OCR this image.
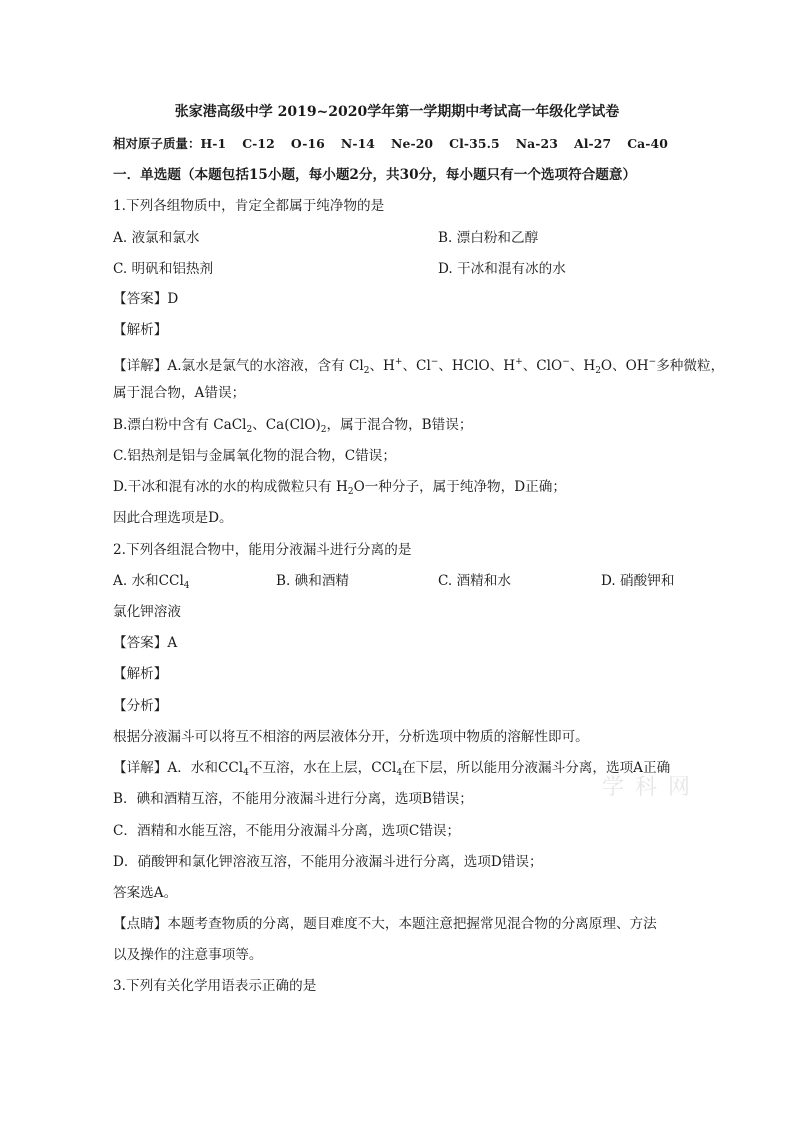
张家港高级中学 2019~2020学年第一学期期中考试高一年级化学试卷
相对原子质量：H-1 C-12 O-16 N-14 Ne-20 Cl-35.5 Na-23 Al-27 Ca-40
一．单选题（本题包括15小题，每小题2分，共30分，每小题只有一个选项符合题意）
1.下列各组物质中，肯定全都属于纯净物的是
A. 液氯和氯水	B. 漂白粉和乙醇
C. 明矾和铝热剂	D. 干冰和混有冰的水
【答案】D
【解析】
【详解】A.氯水是氯气的水溶液，含有 $Cl_2$、H+、Cl−、HClO、H+、ClO−、$H_2O$、OH−多种微粒，
属于混合物，A错误；
B.漂白粉中含有 CaCl$_2$、$Ca(ClO)_2$，属于混合物，B错误；
C.铝热剂是铝与金属氧化物的混合物，C错误；
D.干冰和混有冰的水的构成微粒只有 $H_2O$一种分子，属于纯净物，D正确；
因此合理选项是D。
2.下列各组混合物中，能用分液漏斗进行分离的是
A. 水和CCl$_4$	B. 碘和酒精	C. 酒精和水	D. 硝酸钾和
氯化钾溶液
【答案】A
【解析】
【分析】
根据分液漏斗可以将互不相溶的两层液体分开，分析选项中物质的溶解性即可。
【详解】A．水和CCl$_4$不互溶，水在上层，CCl$_4$在下层，所以能用分液漏斗分离，选项A正确
B．碘和酒精互溶，不能用分液漏斗进行分离，选项B错误；
C．酒精和水能互溶，不能用分液漏斗分离，选项C错误；
D．硝酸钾和氯化钾溶液互溶，不能用分液漏斗进行分离，选项D错误；
答案选A。
【点睛】本题考查物质的分离，题目难度不大，本题注意把握常见混合物的分离原理、方法
以及操作的注意事项等。
3.下列有关化学用语表示正确的是
学 科 网
